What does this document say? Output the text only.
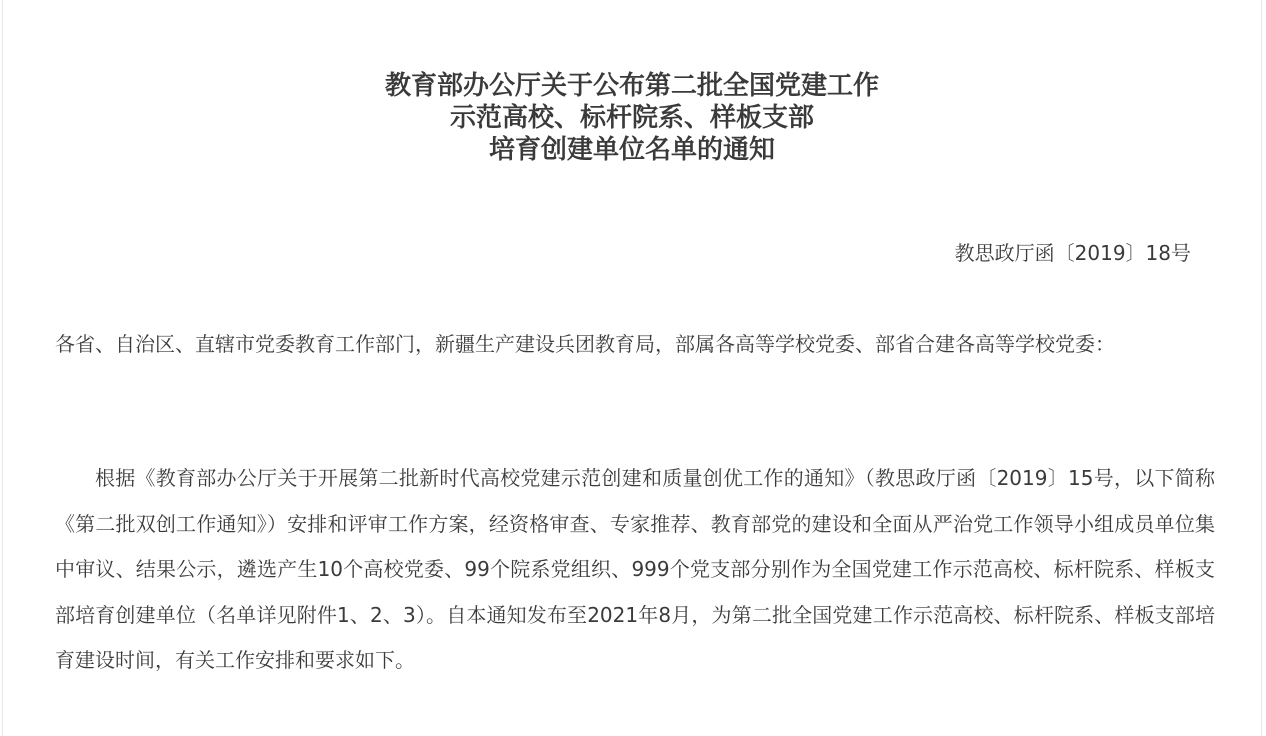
教育部办公厅关于公布第二批全国党建工作
示范高校、标杆院系、样板支部
培育创建单位名单的通知
教思政厅函〔2019〕18号

各省、自治区、直辖市党委教育工作部门，新疆生产建设兵团教育局，部属各高等学校党委、部省合建各高等学校党委：

根据《教育部办公厅关于开展第二批新时代高校党建示范创建和质量创优工作的通知》（教思政厅函〔2019〕15号，以下简称《第二批双创工作通知》）安排和评审工作方案，经资格审查、专家推荐、教育部党的建设和全面从严治党工作领导小组成员单位集中审议、结果公示，遴选产生10个高校党委、99个院系党组织、999个党支部分别作为全国党建工作示范高校、标杆院系、样板支部培育创建单位（名单详见附件1、2、3）。自本通知发布至2021年8月，为第二批全国党建工作示范高校、标杆院系、样板支部培育建设时间，有关工作安排和要求如下。
